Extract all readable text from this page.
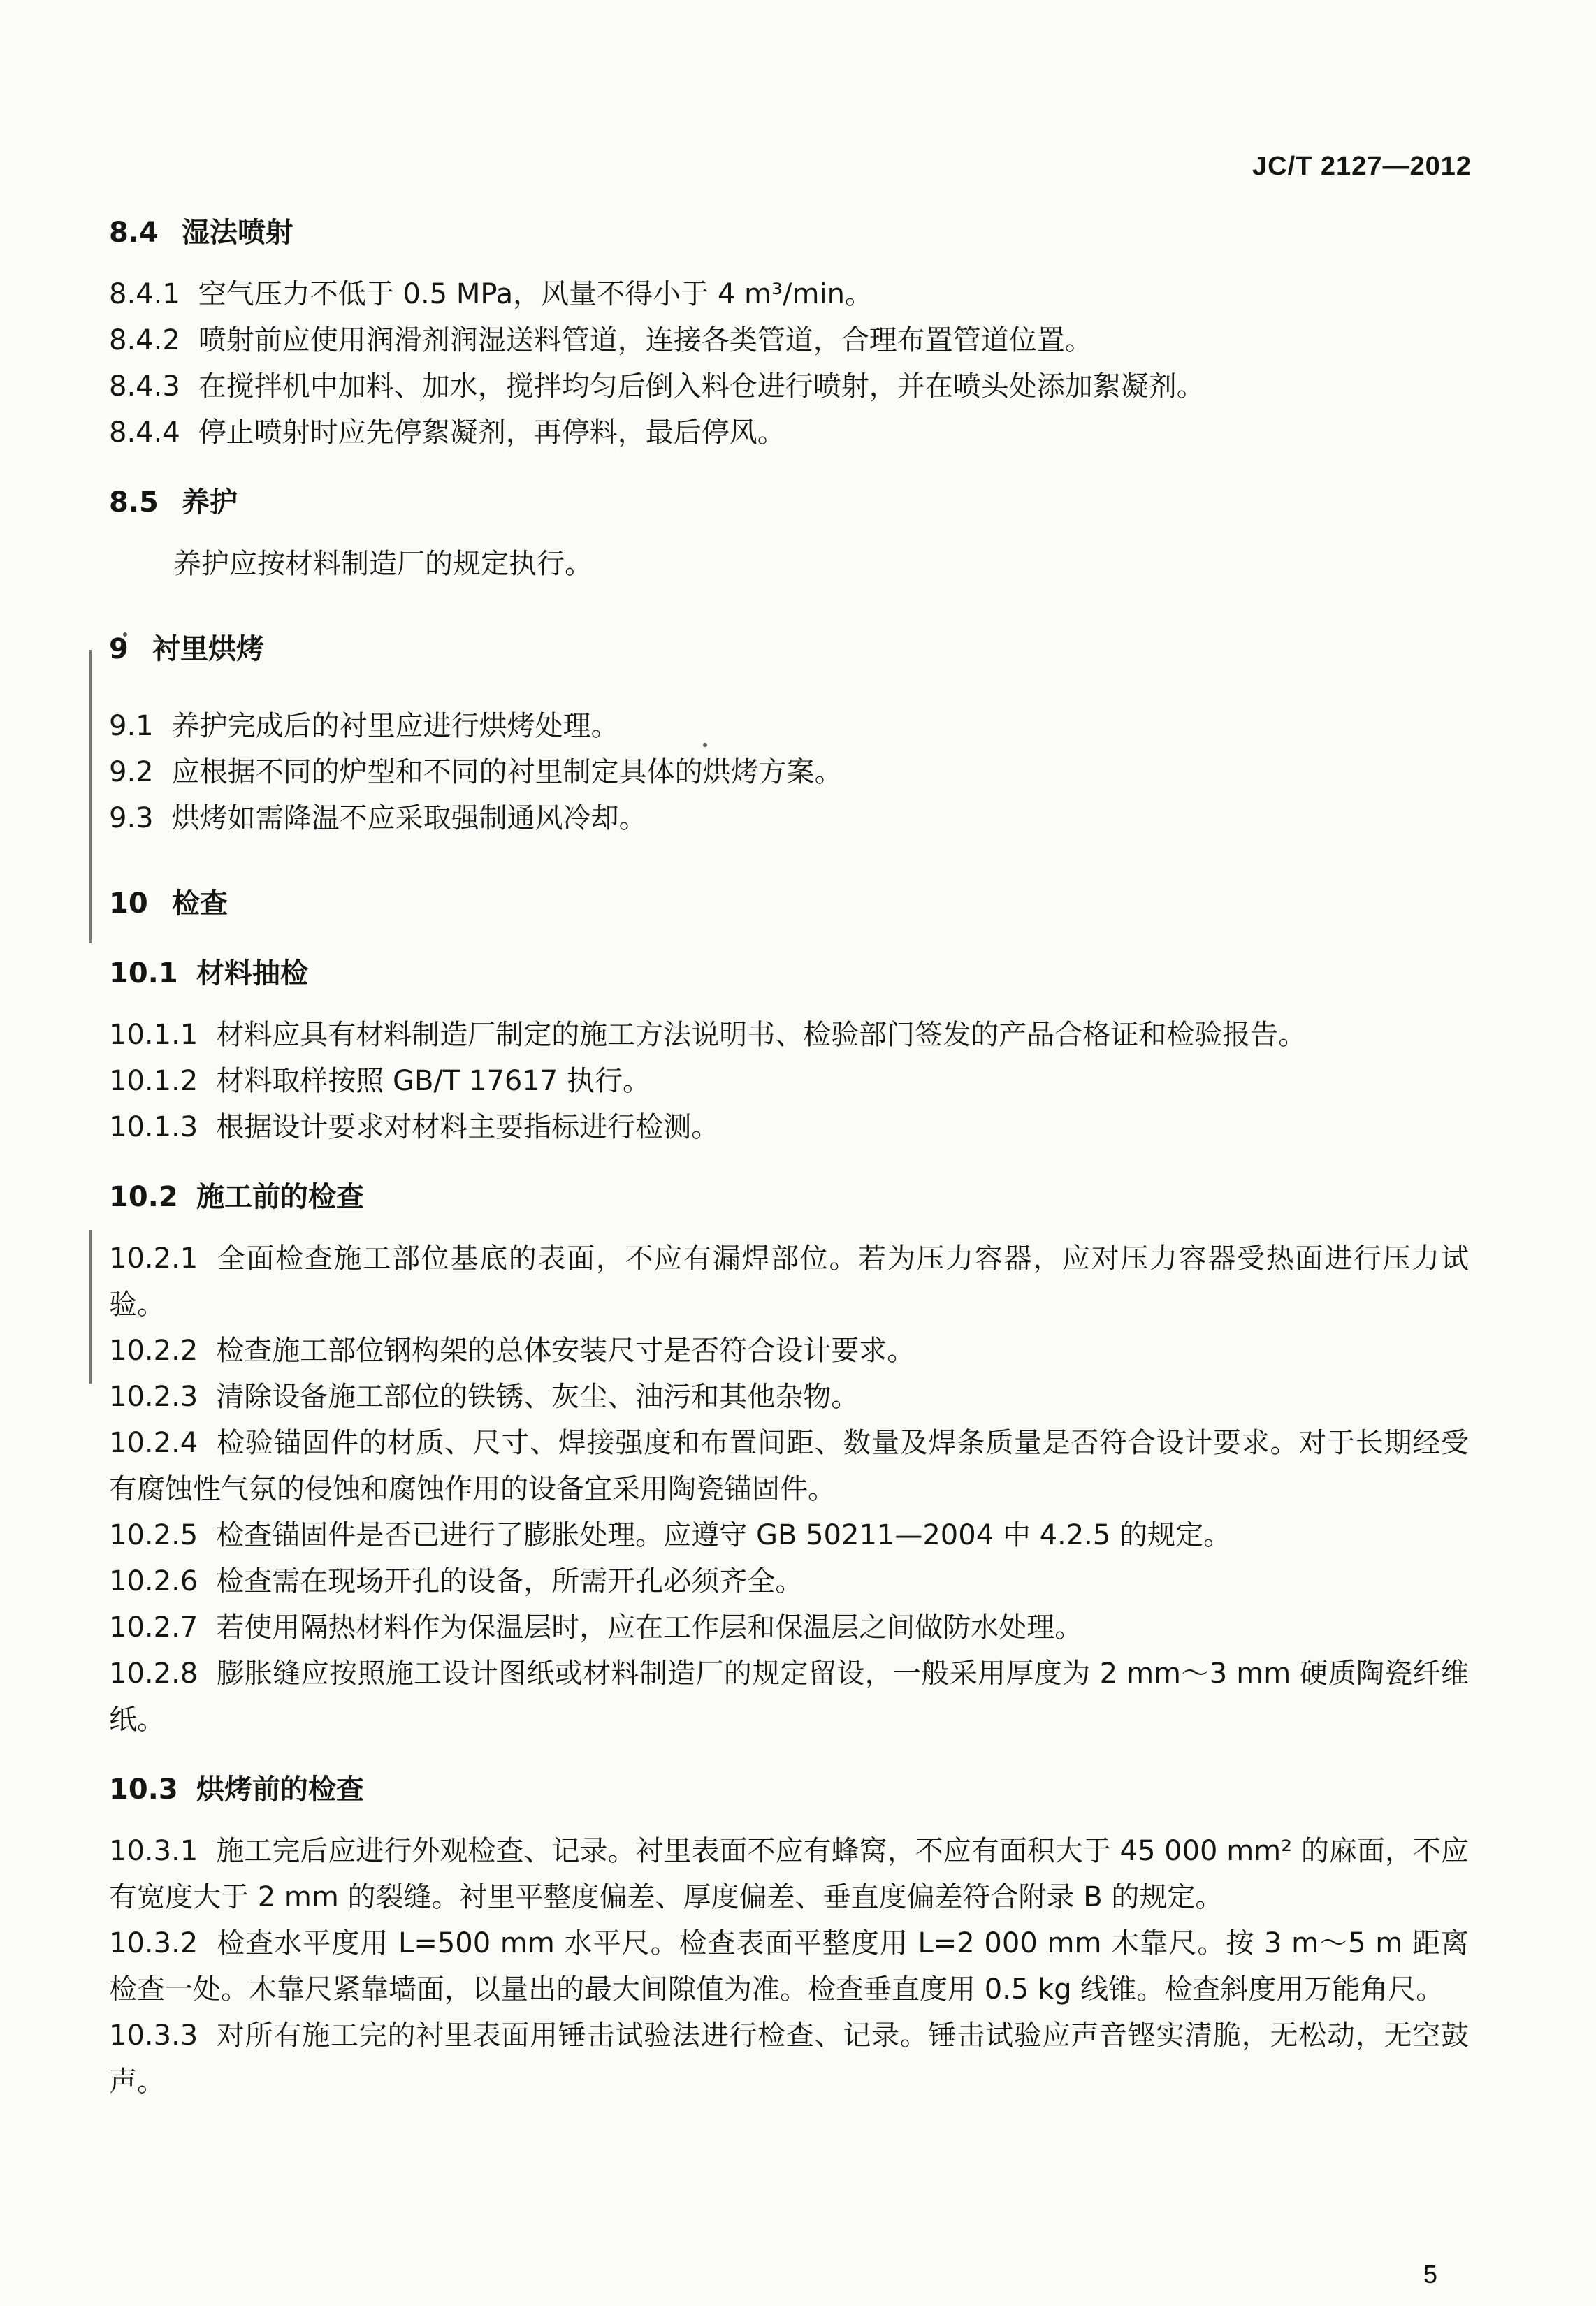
JC/T 2127—2012
8.4 湿法喷射

8.4.1 空气压力不低于 0.5 MPa，风量不得小于 4 m³/min。

8.4.2 喷射前应使用润滑剂润湿送料管道，连接各类管道，合理布置管道位置。

8.4.3 在搅拌机中加料、加水，搅拌均匀后倒入料仓进行喷射，并在喷头处添加絮凝剂。

8.4.4 停止喷射时应先停絮凝剂，再停料，最后停风。

8.5 养护

养护应按材料制造厂的规定执行。

9 衬里烘烤

9.1 养护完成后的衬里应进行烘烤处理。

9.2 应根据不同的炉型和不同的衬里制定具体的烘烤方案。

9.3 烘烤如需降温不应采取强制通风冷却。

10 检查
10.1 材料抽检

10.1.1 材料应具有材料制造厂制定的施工方法说明书、检验部门签发的产品合格证和检验报告。

10.1.2 材料取样按照 GB/T 17617 执行。

10.1.3 根据设计要求对材料主要指标进行检测。

10.2 施工前的检查

10.2.1 全面检查施工部位基底的表面，不应有漏焊部位。若为压力容器，应对压力容器受热面进行压力试验。

10.2.2 检查施工部位钢构架的总体安装尺寸是否符合设计要求。

10.2.3 清除设备施工部位的铁锈、灰尘、油污和其他杂物。

10.2.4 检验锚固件的材质、尺寸、焊接强度和布置间距、数量及焊条质量是否符合设计要求。对于长期经受有腐蚀性气氛的侵蚀和腐蚀作用的设备宜采用陶瓷锚固件。

10.2.5 检查锚固件是否已进行了膨胀处理。应遵守 GB 50211—2004 中 4.2.5 的规定。

10.2.6 检查需在现场开孔的设备，所需开孔必须齐全。

10.2.7 若使用隔热材料作为保温层时，应在工作层和保温层之间做防水处理。

10.2.8 膨胀缝应按照施工设计图纸或材料制造厂的规定留设，一般采用厚度为 2 mm～3 mm 硬质陶瓷纤维纸。

10.3 烘烤前的检查

10.3.1 施工完后应进行外观检查、记录。衬里表面不应有蜂窝，不应有面积大于 45 000 mm² 的麻面，不应有宽度大于 2 mm 的裂缝。衬里平整度偏差、厚度偏差、垂直度偏差符合附录 B 的规定。

10.3.2 检查水平度用 L=500 mm 水平尺。检查表面平整度用 L=2 000 mm 木靠尺。按 3 m～5 m 距离检查一处。木靠尺紧靠墙面，以量出的最大间隙值为准。检查垂直度用 0.5 kg 线锥。检查斜度用万能角尺。

10.3.3 对所有施工完的衬里表面用锤击试验法进行检查、记录。锤击试验应声音铿实清脆，无松动，无空鼓声。

5
